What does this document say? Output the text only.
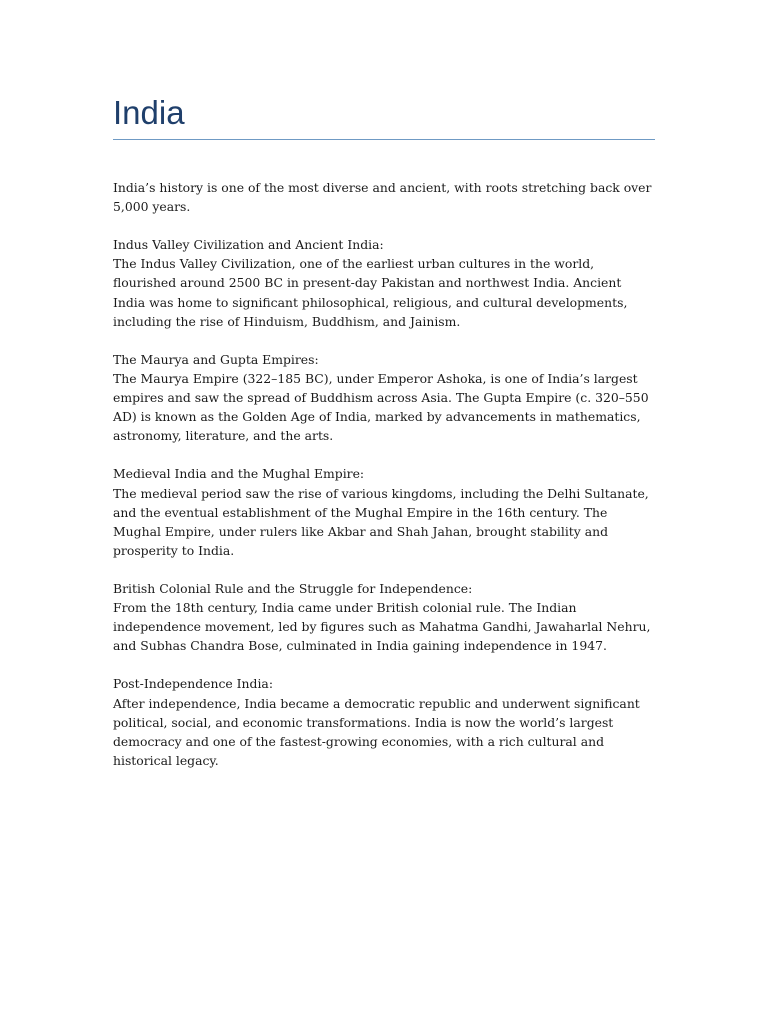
India

India’s history is one of the most diverse and ancient, with roots stretching back over 5,000 years.

Indus Valley Civilization and Ancient India:
The Indus Valley Civilization, one of the earliest urban cultures in the world, flourished around 2500 BC in present-day Pakistan and northwest India. Ancient India was home to significant philosophical, religious, and cultural developments, including the rise of Hinduism, Buddhism, and Jainism.
The Maurya and Gupta Empires:
The Maurya Empire (322–185 BC), under Emperor Ashoka, is one of India’s largest empires and saw the spread of Buddhism across Asia. The Gupta Empire (c. 320–550 AD) is known as the Golden Age of India, marked by advancements in mathematics, astronomy, literature, and the arts.
Medieval India and the Mughal Empire:
The medieval period saw the rise of various kingdoms, including the Delhi Sultanate, and the eventual establishment of the Mughal Empire in the 16th century. The Mughal Empire, under rulers like Akbar and Shah Jahan, brought stability and prosperity to India.
British Colonial Rule and the Struggle for Independence:
From the 18th century, India came under British colonial rule. The Indian independence movement, led by figures such as Mahatma Gandhi, Jawaharlal Nehru, and Subhas Chandra Bose, culminated in India gaining independence in 1947.
Post-Independence India:
After independence, India became a democratic republic and underwent significant political, social, and economic transformations. India is now the world’s largest democracy and one of the fastest-growing economies, with a rich cultural and historical legacy.
